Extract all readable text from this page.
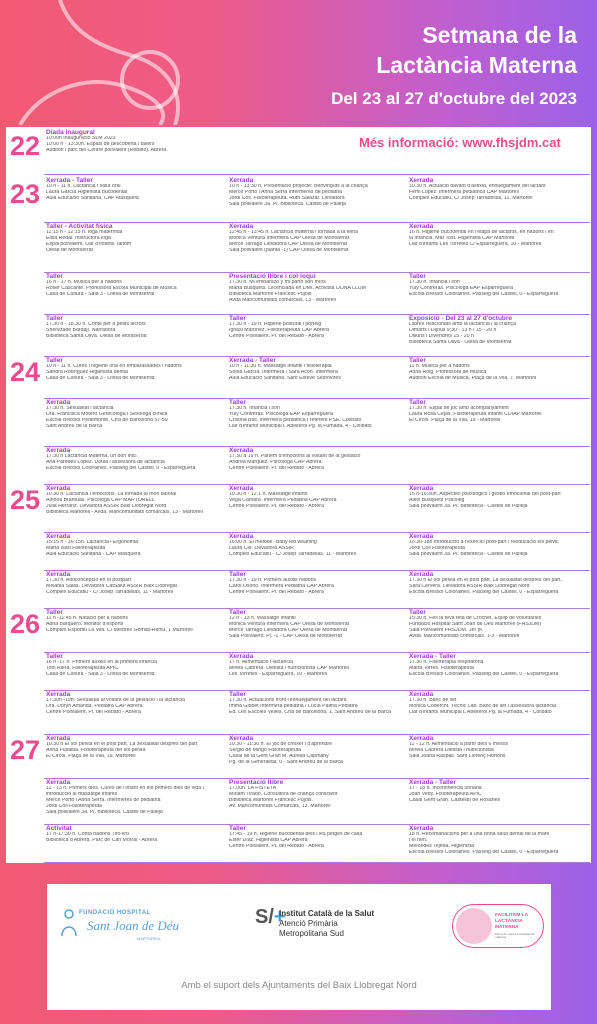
Setmana de la
Lactància Materna
Del 23 al 27 d'octubre del 2023
Més informació: www.fhsjdm.cat
22
23
24
25
26
27
Diada inaugural
10:00h Inauguració SLM 2023
10:00 h - 13:30h. Espais de descoberta i tallers
Auditori i parc del Centre polivalent (Rebato). Abrera
Xerrada - Taller
10 h - 11 h. Lactància i salut oral
Laura García Higienista bucodental
Aula Educació Sanitària, CAP Masquefa
Xerrada
10 h - 13:30 h. Presentació projecte: Benvinguts a la criança
Mercè Porto i Anna Serra Infermeres de pediatria
Jordi Coll. Fisioterapeuta. Ruth Salazar. Llevadora
Sala polivalent 3a. Pl. Biblioteca. Castell de Pallejà
Xerrada
10.30 h. Actuació davant d'asfixia, ennuegament del lactant
Femi López. Infermera pediàtrica CAP Martorell
Complex Educatiu, C/ Josep Tarradellas, 11, Martorell
Taller - Activitat física
11:15 h - 12:15 h. Ioga maternitat
Elisa Redal. Instructora ioga
Espai polivalent. Llar d'infants Taitom
Olesa de Montserrat
Xerrada
12:45 h - 13:45 h. Lactància materna i tornada a la feina
Mònica Ventura Infermera CAP Olesa de Montserrat
Mercè Tarragó Llevadora CAP Olesa de Montserrat
Sala polivalent (planta -1) CAP Olesa de Montserrat
Xerrada
16 h. Higiene bucodental en l'etapa de lactants, en nadons i en
la infància. Mar Tost. Higienista CAP Martorell
Llar d'infants Les Torretes C/ Esparreguera, 10 - Martorell
Taller
16 h - 17 h. Música per a nadons
Roser Cascante. Professora Escola Municipal de Música
Casa de Cultura - Sala 3 - Olesa de Montserrat
Presentació llibre i col·loqui
17.30 h. Mi embarazo y mi parto son míos
Marta Busquets. Llicenciada en Dret. Activista DONA LLUM
Biblioteca Martorell Francesc Pujols
Avda Mancomunitats comarcals, 13 - Martorell
Taller
17.30 h. Infància i son
Yuly Contreras. Psicòloga EAP Esparreguera
Escola Bressol Colorainés. Passeig del Castell, 0 - Esparreguera
Taller
17.30 h - 18.30 h. Conte per a petits lectors
Sherezade Bardají. Narradora
Biblioteca Santa Oliva. Olesa de Montserrat
Taller
17.30 h - 19 h. Higiene postural i porteig
Ignasi Martínez. Fisioterapeuta CAP Abrera
Centre Polivalent. Pl. del Rebato - Abrera
Exposició - Del 23 al 27 d'octubre
Llibres relacionats amb la lactància i la criança
Dimarts i Dijous 9:30 - 13 h / 15 - 20 h
Dilluns i Divendres 15 - 20 h
Biblioteca Santa Oliva - Olesa de Montserrat
Taller
10 h - 11 h. Cures i higiene oral en embarassades i nadons
Sandra Rodríguez Higienista dental
Casa de Cultura - Sala 3 - Olesa de Montserrat
Xerrada - Taller
10 h - 11:30 h. Massatge infantil i fisioteràpia
Sònia García. Infermera / Sara Acón. Infermera
Aula Educació Sanitària. Sant Esteve Sesrovires
Taller
11 h. Música per a nadons
Anna Roig. Professora de música
Auditori Escola de Música, Plaça de la Vila, 7. Martorell
Xerrada
17.30 h. Sexualitat i lactància
Dra. Francisca Motero Gerecóloga i Sexòloga clínica
Escola Bressol Pedemonte. Ctra de Barcelona 57-59
Sant Andreu de la Barca
Taller
17.30 h. Infància i son
Yuly Contreras. Psicòloga EAP Esparreguera
Cristina Bull. Infermera pediàtrica i referent PSE. Collbató
Llar d'infants Municipal L'Abellerol Pg. la Fumada, 4 - Collbató
Taller
17.30 h. Espai de joc amb acompanyament
Laura Rosa Cejas. Fisioterapeuta infantil CDIAP Martorell
El Circol. Plaça de la Vila, 19 - Martorell
Xerrada
17.30 h Lactància Materna, un bon inici
Ana Paredes López. Doula i assessora de lactància
Escola Bressol Colorainés. Passeig del Castell, 0 - Esparreguera
Xerrada
17.30 a 19 h. Parlem d'emocions al voltant de la gestació
Andrea Márquez. Psicòloga CAP Abrera
Centre Polivalent. Pl. del Rebato - Abrera
Xerrada
10.30 h. Lactància i emocions. La tornada al món laboral
Ainhoa Brantuas. Psicòloga CAP MARTORELL
Júlia Herranz. Llevadora ASSIR Baix Llobregat Nord
Biblioteca Martorell - Avda. Mancomunitats comarcals, 13 - Martorell
Xerrada
10.30 h - 12.1 h. Massatge infantil
Vega Cámara. Infermera Pediatria CAP Abrera
Centre Polivalent. Pl. del Rebato - Abrera
Xerrada
15 h-16:30h. Aspectes psicològics i gestió emocional del post-part
Aleix Busquets Psicòleg
Sala polivalent 3a. Pl. Biblioteca - Castell de Pallejà
Xerrada
15:15 h - 16:15h. Lactància i Ergonomia
Marta Isart Fisioterapeuta
Aula Educació Sanitària - CAP Masquefa
Xerrada
16:00 h. El mètode "Baby led weaning"
Laura Cid. Llevadora ASSIR
Complex Educatiu - C/ Josep Tarradellas, 11 - Martorell
Xerrada
16:30-18h Introducció a l'exercici post-part i reeducació sòl pèlvic
Jordi Coll Fisioterapeuta
Sala polivalent 3a. Pl. Biblioteca - Castell de Pallejà
Xerrada
17.30 h. Anticoncepció en el postpart
Melania Salas. Llevadora CatSalut ASSIR Baix Llobregat
Complex Educatiu - C/ Josep Tarradellas, 11 - Martorell
Taller
17.30 h - 19 h. Primers auxilis nadons
Carol Osorio. Infermera Pediatria CAP Abrera
Centre Polivalent. Pl. del Rebato - Abrera
Xerrada
17.30 h El sòl pelvià en el post part. La sexualitat després del part.
Sara Cervera. Llevadora ASSIR Baix Llobregat Nord
Escola Bressol Colorainés. Passeig del Castell, 0 - Esparreguera
Taller
11 h -11:45 h. Natació per a nadons
Adrià Barquero. Monitor d'esports
Complex Esportiu La Vila. C/ Mestres Gomila-Reniu, 1 Martorell
Taller
12 h - 13 h. Massatge infantil
Mònica Ventura Infermera CAP Olesa de Montserrat
Mercè Tarragó Llevadora CAP Olesa de Montserrat
Sala Polivalent. Pl. -1 - CAP Olesa de Montserrat
Taller
15:30 h. Fes la teva teta de Crochet. Equip de voluntàries
Fundació Hospital Sant Joan de Déu Martorell (FHSJDM)
Sala Polivalent FHSJDM. 1er pl.
Avda. Mancomunitats comarcals, 1-3 - Martorell
Taller
16 h -17 h. Primers auxilis en la primera infància
Toni Riera. Fisioterapeuta APiC
Casa de Cultura - Sala 3 - Olesa de Montserrat
Xerrada
17 h. Alimentació i lactància
Mireia Cabrera. Dietista i nutricionista CAP Martorell
Les Torretes - Esparreguera, 10 - Martorell
Xerrada - Taller
17.30 h. Fisioteràpia respiratòria
Marta Torres. Fisioterapeuta
Escola Bressol Colorainés. Passeig del Castell, 0 - Esparreguera
Xerrada
17:30h -19h: Sexualitat al voltant de la gestació i la lactància
Dra. Doryn Amanda. Pediatra CAP Abrera
Centre Polivalent. Pl. del Rebato - Abrera
Taller
17.30 h. Actuacions front l'ennuegament del lactant
Imma Ginbet Infermera pediatria / Lucía Palma Pediatra
Ed. Les Escoles Velles. Crta de Barcelona, 1. Sant Andreu de la Barca
Xerrada
17.30 h. Banc de llet
Mònica Codercht. Tècnic Lab. Banc de llet i assessora lactància
Llar d'infants Municipal L'Abellerol Pg. la Fumada, 4 - Collbató
Xerrada
10.30 h El sòl pelvià en el post part. La sexualitat després del part
Anna Fusalba. Fisioterapeuta del sòl pelvià
El Circol. Plaça de la Vila, 19. Martorell
Xerrada
10.30 - 11:30 h. El joc de créixer i d'aprendre
Sergio de Mingo Fisioterapeuta
Casal de la Gent Gran M. Aurèlia Capmany
Pg. de la Generalitat, 0 - Sant Andreu de la Barca
Xerrada
11 - 12 h. Alimentació a partir dels 6 mesos
Mireia Cabrera Dietista i nutricionista
Sala Joana Raspall. Sant Llorenç Hortons
Xerrada
11 - 13 h. Primers dies. Cures de l'infant en els primers dies de vida i
introducció al massatge infantil
Mercè Porto i Anna Serra. Infermeres de pediatria
Jordi Coll Fisioterapeuta
Sala polivalent 3a. Pl. Biblioteca. Castell de Pallejà
Presentació llibre
17.00h. LA FISTETA
Míriam Tirado. Consultora de criança conscient
Biblioteca Martorell Francesc Pujols.
Av. Mancomunitats Comarcals, 13. Martorell
Xerrada - Taller
17 - 18 h. Incontinència urinària
Joan Vedy. Fisioterapeuta APiC
Casal Gent Gran. Castellbí de Rosanes
Activitat
17 h-17:30 h. Conta nadons Tiro-liro
Biblioteca d'Abrera. Parc de Can Morral - Abrera
Taller
17:45 - 19 h. Higiene bucodental dels i les petges de casa
Ester Díaz. Higienista CAP Abrera
Centre Polivalent. Pl. del Rebato - Abrera
Xerrada
18 h. Recomanacions per a una bona salut dental de la mare
i el nen.
Mercedes Tejeda. Higienista
Escola Bressol Colorainés. Passeig del Castell, 0 - Esparreguera
FUNDACIÓ HOSPITAL
Sant Joan de Déu
MARTORELL
S/+
Institut Català de la Salut
Atenció Primària
Metropolitana Sud
FACILITEM LA
LACTÀNCIA
MATERNA
Espai de suport a la lactància materna
Amb el suport dels Ajuntaments del Baix Llobregat Nord
